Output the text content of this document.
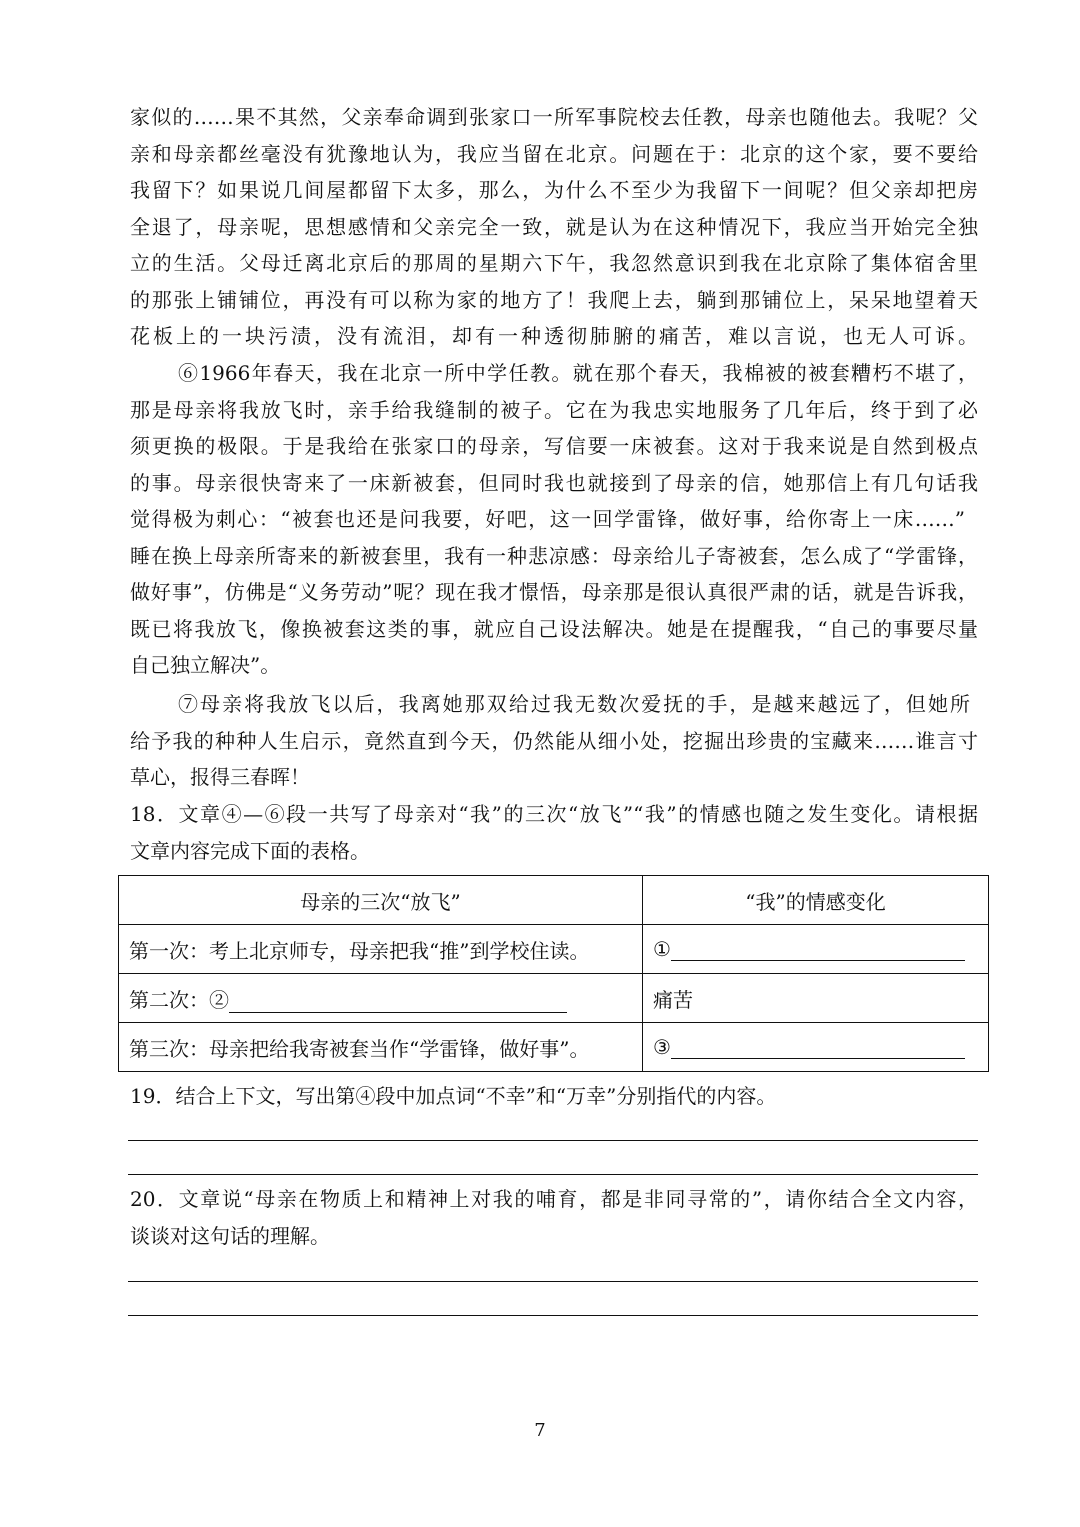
家似的……果不其然，父亲奉命调到张家口一所军事院校去任教，母亲也随他去。我呢？父
亲和母亲都丝毫没有犹豫地认为，我应当留在北京。问题在于：北京的这个家，要不要给
我留下？如果说几间屋都留下太多，那么，为什么不至少为我留下一间呢？但父亲却把房
全退了，母亲呢，思想感情和父亲完全一致，就是认为在这种情况下，我应当开始完全独
立的生活。父母迁离北京后的那周的星期六下午，我忽然意识到我在北京除了集体宿舍里
的那张上铺铺位，再没有可以称为家的地方了！我爬上去，躺到那铺位上，呆呆地望着天
花板上的一块污渍，没有流泪，却有一种透彻肺腑的痛苦，难以言说，也无人可诉。
⑥1966年春天，我在北京一所中学任教。就在那个春天，我棉被的被套糟朽不堪了，
那是母亲将我放飞时，亲手给我缝制的被子。它在为我忠实地服务了几年后，终于到了必
须更换的极限。于是我给在张家口的母亲，写信要一床被套。这对于我来说是自然到极点
的事。母亲很快寄来了一床新被套，但同时我也就接到了母亲的信，她那信上有几句话我
觉得极为刺心：“被套也还是问我要，好吧，这一回学雷锋，做好事，给你寄上一床……”
睡在换上母亲所寄来的新被套里，我有一种悲凉感：母亲给儿子寄被套，怎么成了“学雷锋，
做好事”，仿佛是“义务劳动”呢？现在我才憬悟，母亲那是很认真很严肃的话，就是告诉我，
既已将我放飞，像换被套这类的事，就应自己设法解决。她是在提醒我，“自己的事要尽量
自己独立解决”。
⑦母亲将我放飞以后，我离她那双给过我无数次爱抚的手，是越来越远了，但她所
给予我的种种人生启示，竟然直到今天，仍然能从细小处，挖掘出珍贵的宝藏来……谁言寸
草心，报得三春晖！
18．文章④—⑥段一共写了母亲对“我”的三次“放飞”“我”的情感也随之发生变化。请根据
文章内容完成下面的表格。
母亲的三次“放飞”	“我”的情感变化
第一次：考上北京师专，母亲把我“推”到学校住读。	①
第二次：②	痛苦
第三次：母亲把给我寄被套当作“学雷锋，做好事”。	③
19．结合上下文，写出第④段中加点词“不幸”和“万幸”分别指代的内容。
20．文章说“母亲在物质上和精神上对我的哺育，都是非同寻常的”，请你结合全文内容，
谈谈对这句话的理解。
7
